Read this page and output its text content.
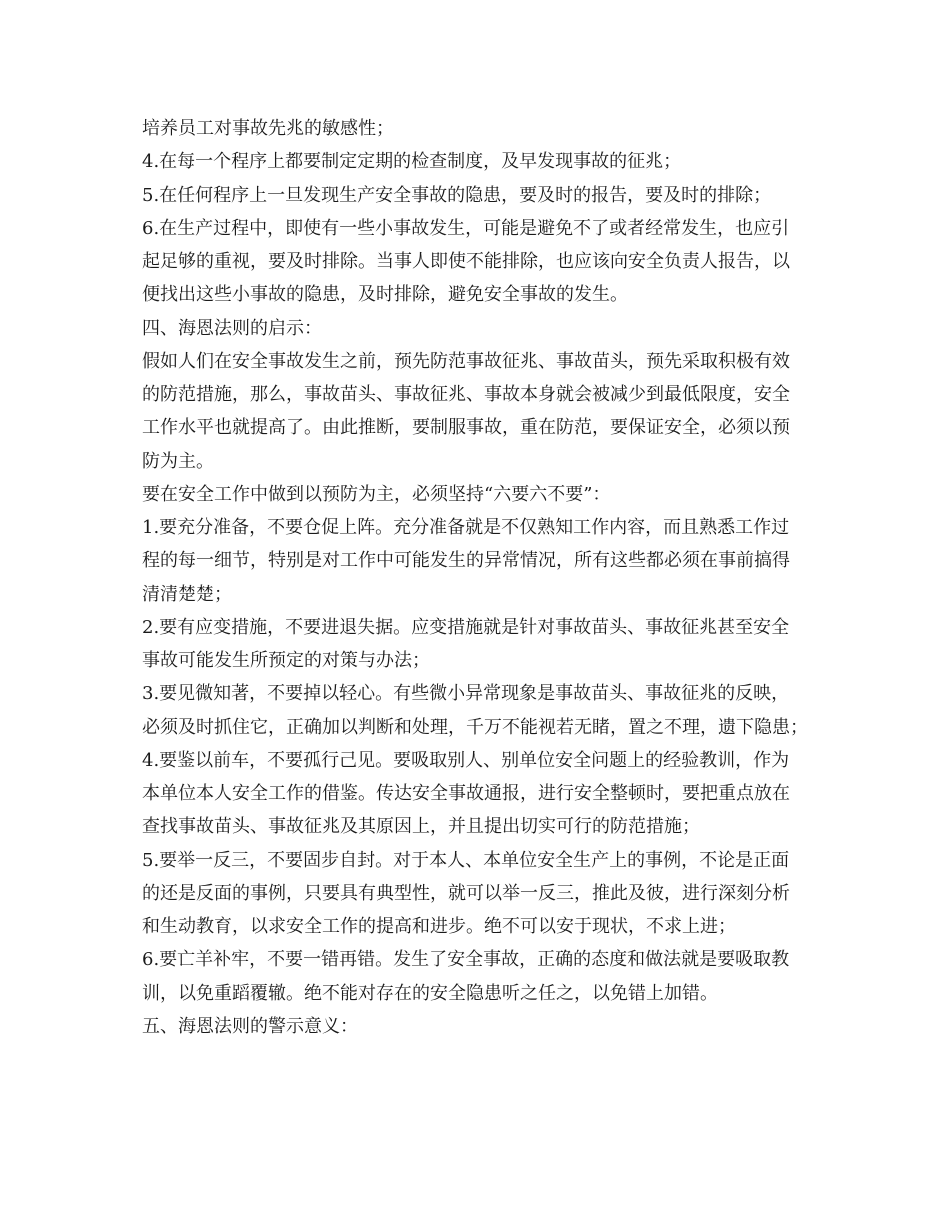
培养员工对事故先兆的敏感性；
4.在每一个程序上都要制定定期的检查制度，及早发现事故的征兆；
5.在任何程序上一旦发现生产安全事故的隐患，要及时的报告，要及时的排除；
6.在生产过程中，即使有一些小事故发生，可能是避免不了或者经常发生，也应引
起足够的重视，要及时排除。当事人即使不能排除，也应该向安全负责人报告，以
便找出这些小事故的隐患，及时排除，避免安全事故的发生。
四、海恩法则的启示：
假如人们在安全事故发生之前，预先防范事故征兆、事故苗头，预先采取积极有效
的防范措施，那么，事故苗头、事故征兆、事故本身就会被减少到最低限度，安全
工作水平也就提高了。由此推断，要制服事故，重在防范，要保证安全，必须以预
防为主。
要在安全工作中做到以预防为主，必须坚持“六要六不要”：
1.要充分准备，不要仓促上阵。充分准备就是不仅熟知工作内容，而且熟悉工作过
程的每一细节，特别是对工作中可能发生的异常情况，所有这些都必须在事前搞得
清清楚楚；
2.要有应变措施，不要进退失据。应变措施就是针对事故苗头、事故征兆甚至安全
事故可能发生所预定的对策与办法；
3.要见微知著，不要掉以轻心。有些微小异常现象是事故苗头、事故征兆的反映，
必须及时抓住它，正确加以判断和处理，千万不能视若无睹，置之不理，遗下隐患；
4.要鉴以前车，不要孤行己见。要吸取别人、别单位安全问题上的经验教训，作为
本单位本人安全工作的借鉴。传达安全事故通报，进行安全整顿时，要把重点放在
查找事故苗头、事故征兆及其原因上，并且提出切实可行的防范措施；
5.要举一反三，不要固步自封。对于本人、本单位安全生产上的事例，不论是正面
的还是反面的事例，只要具有典型性，就可以举一反三，推此及彼，进行深刻分析
和生动教育，以求安全工作的提高和进步。绝不可以安于现状，不求上进；
6.要亡羊补牢，不要一错再错。发生了安全事故，正确的态度和做法就是要吸取教
训，以免重蹈覆辙。绝不能对存在的安全隐患听之任之，以免错上加错。
五、海恩法则的警示意义：
